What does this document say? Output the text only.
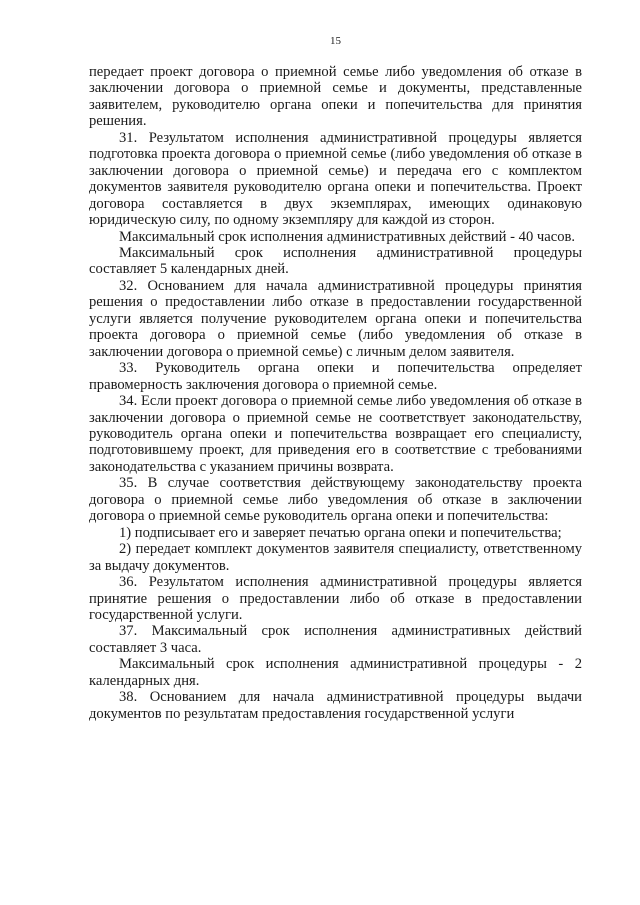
15

передает проект договора о приемной семье либо уведомления об отказе в заключении договора о приемной семье и документы, представленные заявителем, руководителю органа опеки и попечительства для принятия решения.

31. Результатом исполнения административной процедуры является подготовка проекта договора о приемной семье (либо уведомления об отказе в заключении договора о приемной семье) и передача его с комплектом документов заявителя руководителю органа опеки и попечительства. Проект договора составляется в двух экземплярах, имеющих одинаковую юридическую силу, по одному экземпляру для каждой из сторон.

Максимальный срок исполнения административных действий - 40 часов.

Максимальный срок исполнения административной процедуры составляет 5 календарных дней.

32. Основанием для начала административной процедуры принятия решения о предоставлении либо отказе в предоставлении государственной услуги является получение руководителем органа опеки и попечительства проекта договора о приемной семье (либо уведомления об отказе в заключении договора о приемной семье) с личным делом заявителя.

33. Руководитель органа опеки и попечительства определяет правомерность заключения договора о приемной семье.

34. Если проект договора о приемной семье либо уведомления об отказе в заключении договора о приемной семье не соответствует законодательству, руководитель органа опеки и попечительства возвращает его специалисту, подготовившему проект, для приведения его в соответствие с требованиями законодательства с указанием причины возврата.

35. В случае соответствия действующему законодательству проекта договора о приемной семье либо уведомления об отказе в заключении договора о приемной семье руководитель органа опеки и попечительства:

1) подписывает его и заверяет печатью органа опеки и попечительства;

2) передает комплект документов заявителя специалисту, ответственному за выдачу документов.

36. Результатом исполнения административной процедуры является принятие решения о предоставлении либо об отказе в предоставлении государственной услуги.

37. Максимальный срок исполнения административных действий составляет 3 часа.

Максимальный срок исполнения административной процедуры - 2 календарных дня.

38. Основанием для начала административной процедуры выдачи документов по результатам предоставления государственной услуги
